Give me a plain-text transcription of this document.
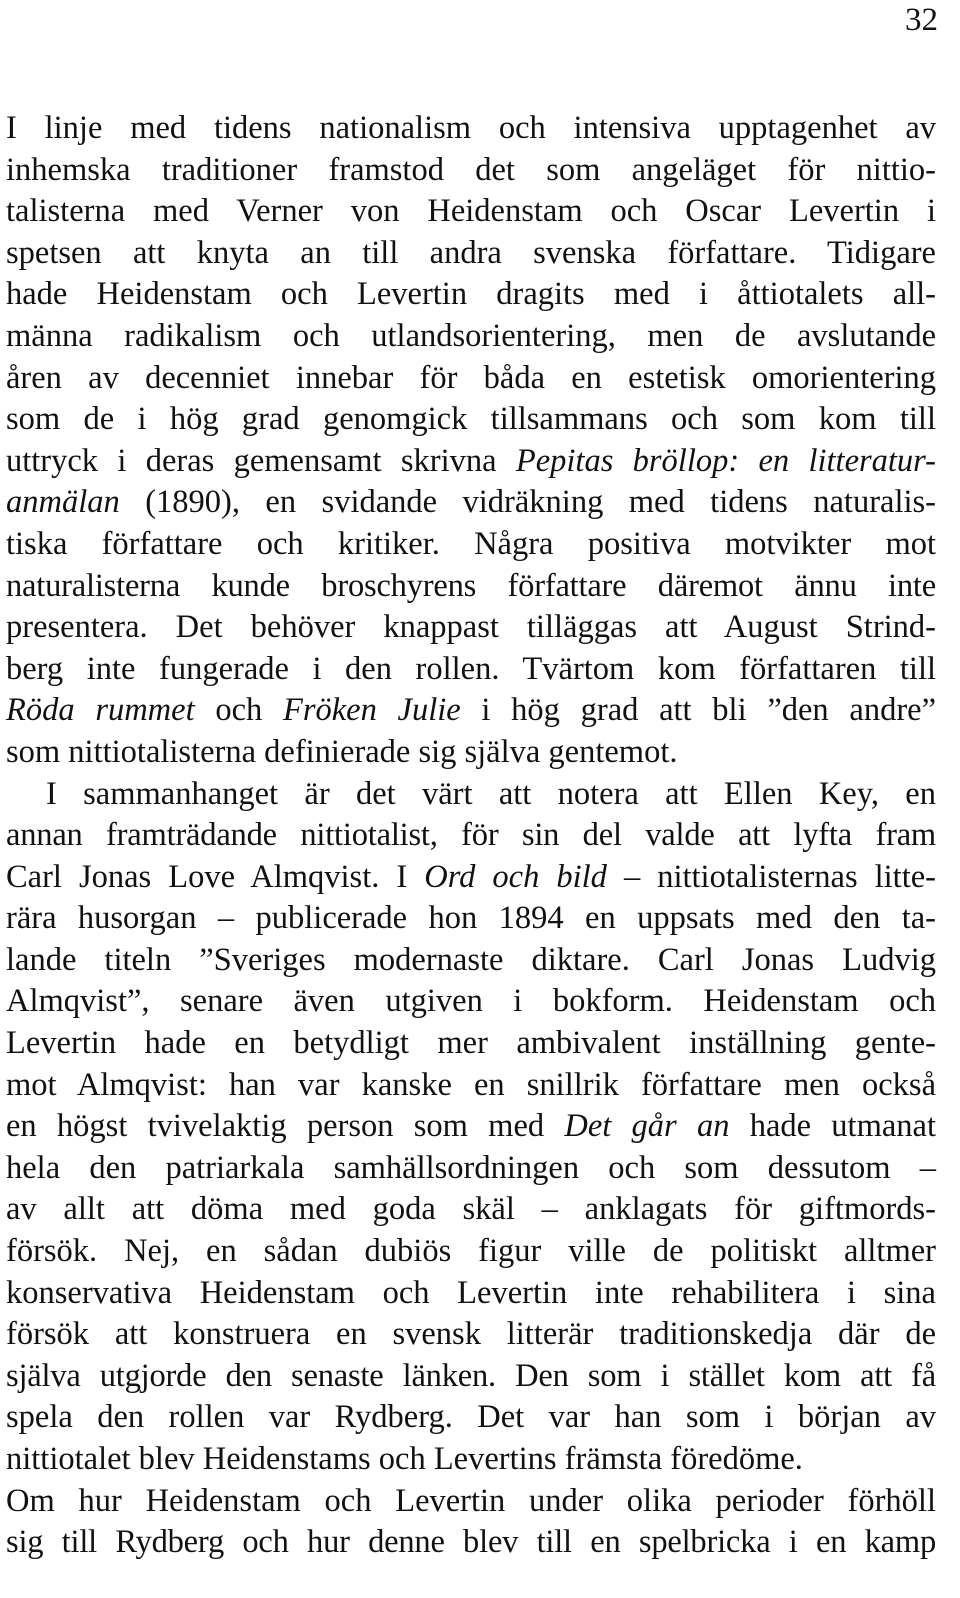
32
I linje med tidens nationalism och intensiva upptagenhet av
inhemska traditioner framstod det som angeläget för nittio-
talisterna med Verner von Heidenstam och Oscar Levertin i
spetsen att knyta an till andra svenska författare. Tidigare
hade Heidenstam och Levertin dragits med i åttiotalets all-
männa radikalism och utlandsorientering, men de avslutande
åren av decenniet innebar för båda en estetisk omorientering
som de i hög grad genomgick tillsammans och som kom till
uttryck i deras gemensamt skrivna Pepitas bröllop: en litteratur-
anmälan (1890), en svidande vidräkning med tidens naturalis-
tiska författare och kritiker. Några positiva motvikter mot
naturalisterna kunde broschyrens författare däremot ännu inte
presentera. Det behöver knappast tilläggas att August Strind-
berg inte fungerade i den rollen. Tvärtom kom författaren till
Röda rummet och Fröken Julie i hög grad att bli ”den andre”
som nittiotalisterna definierade sig själva gentemot.
I sammanhanget är det värt att notera att Ellen Key, en
annan framträdande nittiotalist, för sin del valde att lyfta fram
Carl Jonas Love Almqvist. I Ord och bild – nittiotalisternas litte-
rära husorgan – publicerade hon 1894 en uppsats med den ta-
lande titeln ”Sveriges modernaste diktare. Carl Jonas Ludvig
Almqvist”, senare även utgiven i bokform. Heidenstam och
Levertin hade en betydligt mer ambivalent inställning gente-
mot Almqvist: han var kanske en snillrik författare men också
en högst tvivelaktig person som med Det går an hade utmanat
hela den patriarkala samhällsordningen och som dessutom –
av allt att döma med goda skäl – anklagats för giftmords-
försök. Nej, en sådan dubiös figur ville de politiskt alltmer
konservativa Heidenstam och Levertin inte rehabilitera i sina
försök att konstruera en svensk litterär traditionskedja där de
själva utgjorde den senaste länken. Den som i stället kom att få
spela den rollen var Rydberg. Det var han som i början av
nittiotalet blev Heidenstams och Levertins främsta föredöme.
Om hur Heidenstam och Levertin under olika perioder förhöll
sig till Rydberg och hur denne blev till en spelbricka i en kamp
